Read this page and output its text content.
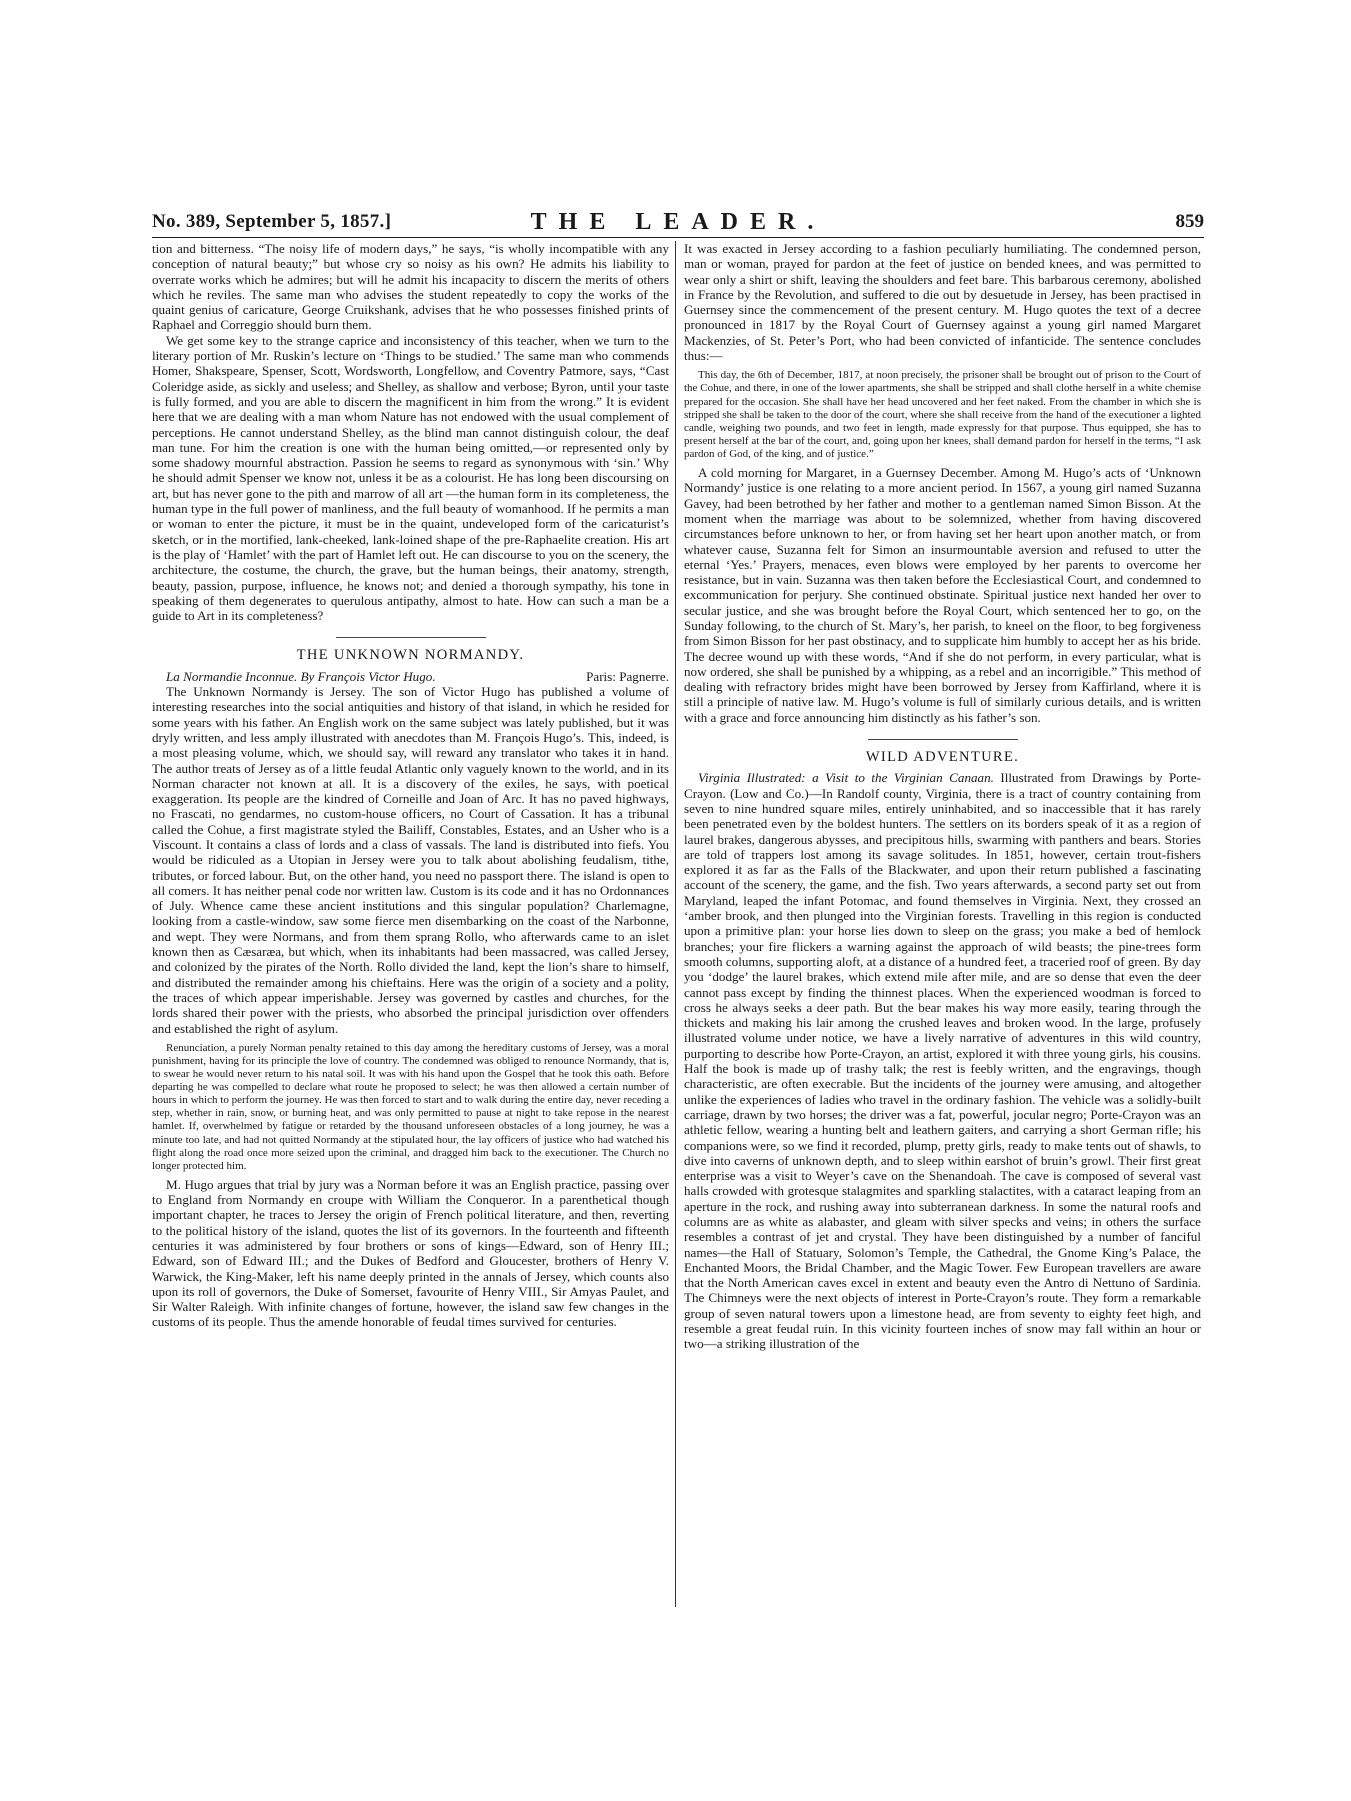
No. 389, September 5, 1857.]	THE LEADER.	859

tion and bitterness. “The noisy life of modern days,” he says, “is wholly incompatible with any conception of natural beauty;” but whose cry so noisy as his own? He admits his liability to overrate works which he admires; but will he admit his incapacity to discern the merits of others which he reviles. The same man who advises the student repeatedly to copy the works of the quaint genius of caricature, George Cruikshank, advises that he who possesses finished prints of Raphael and Correggio should burn them.

We get some key to the strange caprice and inconsistency of this teacher, when we turn to the literary portion of Mr. Ruskin’s lecture on ‘Things to be studied.’ The same man who commends Homer, Shakspeare, Spenser, Scott, Wordsworth, Longfellow, and Coventry Patmore, says, “Cast Coleridge aside, as sickly and useless; and Shelley, as shallow and verbose; Byron, until your taste is fully formed, and you are able to discern the magnificent in him from the wrong.” It is evident here that we are dealing with a man whom Nature has not endowed with the usual complement of perceptions. He cannot understand Shelley, as the blind man cannot distinguish colour, the deaf man tune. For him the creation is one with the human being omitted,—or represented only by some shadowy mournful abstraction. Passion he seems to regard as synonymous with ‘sin.’ Why he should admit Spenser we know not, unless it be as a colourist. He has long been discoursing on art, but has never gone to the pith and marrow of all art —the human form in its completeness, the human type in the full power of manliness, and the full beauty of womanhood. If he permits a man or woman to enter the picture, it must be in the quaint, undeveloped form of the caricaturist’s sketch, or in the mortified, lank-cheeked, lank-loined shape of the pre-Raphaelite creation. His art is the play of ‘Hamlet’ with the part of Hamlet left out. He can discourse to you on the scenery, the architecture, the costume, the church, the grave, but the human beings, their anatomy, strength, beauty, passion, purpose, influence, he knows not; and denied a thorough sympathy, his tone in speaking of them degenerates to querulous antipathy, almost to hate. How can such a man be a guide to Art in its completeness?

THE UNKNOWN NORMANDY.

La Normandie Inconnue. By François Victor Hugo.	Paris: Pagnerre.

The Unknown Normandy is Jersey. The son of Victor Hugo has published a volume of interesting researches into the social antiquities and history of that island, in which he resided for some years with his father. An English work on the same subject was lately published, but it was dryly written, and less amply illustrated with anecdotes than M. François Hugo’s. This, indeed, is a most pleasing volume, which, we should say, will reward any translator who takes it in hand. The author treats of Jersey as of a little feudal Atlantic only vaguely known to the world, and in its Norman character not known at all. It is a discovery of the exiles, he says, with poetical exaggeration. Its people are the kindred of Corneille and Joan of Arc. It has no paved highways, no Frascati, no gendarmes, no custom-house officers, no Court of Cassation. It has a tribunal called the Cohue, a first magistrate styled the Bailiff, Constables, Estates, and an Usher who is a Viscount. It contains a class of lords and a class of vassals. The land is distributed into fiefs. You would be ridiculed as a Utopian in Jersey were you to talk about abolishing feudalism, tithe, tributes, or forced labour. But, on the other hand, you need no passport there. The island is open to all comers. It has neither penal code nor written law. Custom is its code and it has no Ordonnances of July. Whence came these ancient institutions and this singular population? Charlemagne, looking from a castle-window, saw some fierce men disembarking on the coast of the Narbonne, and wept. They were Normans, and from them sprang Rollo, who afterwards came to an islet known then as Cæsaræa, but which, when its inhabitants had been massacred, was called Jersey, and colonized by the pirates of the North. Rollo divided the land, kept the lion’s share to himself, and distributed the remainder among his chieftains. Here was the origin of a society and a polity, the traces of which appear imperishable. Jersey was governed by castles and churches, for the lords shared their power with the priests, who absorbed the principal jurisdiction over offenders and established the right of asylum.

Renunciation, a purely Norman penalty retained to this day among the hereditary customs of Jersey, was a moral punishment, having for its principle the love of country. The condemned was obliged to renounce Normandy, that is, to swear he would never return to his natal soil. It was with his hand upon the Gospel that he took this oath. Before departing he was compelled to declare what route he proposed to select; he was then allowed a certain number of hours in which to perform the journey. He was then forced to start and to walk during the entire day, never receding a step, whether in rain, snow, or burning heat, and was only permitted to pause at night to take repose in the nearest hamlet. If, overwhelmed by fatigue or retarded by the thousand unforeseen obstacles of a long journey, he was a minute too late, and had not quitted Normandy at the stipulated hour, the lay officers of justice who had watched his flight along the road once more seized upon the criminal, and dragged him back to the executioner. The Church no longer protected him.

M. Hugo argues that trial by jury was a Norman before it was an English practice, passing over to England from Normandy en croupe with William the Conqueror. In a parenthetical though important chapter, he traces to Jersey the origin of French political literature, and then, reverting to the political history of the island, quotes the list of its governors. In the fourteenth and fifteenth centuries it was administered by four brothers or sons of kings—Edward, son of Henry III.; Edward, son of Edward III.; and the Dukes of Bedford and Gloucester, brothers of Henry V. Warwick, the King-Maker, left his name deeply printed in the annals of Jersey, which counts also upon its roll of governors, the Duke of Somerset, favourite of Henry VIII., Sir Amyas Paulet, and Sir Walter Raleigh. With infinite changes of fortune, however, the island saw few changes in the customs of its people. Thus the amende honorable of feudal times survived for centuries.

It was exacted in Jersey according to a fashion peculiarly humiliating. The condemned person, man or woman, prayed for pardon at the feet of justice on bended knees, and was permitted to wear only a shirt or shift, leaving the shoulders and feet bare. This barbarous ceremony, abolished in France by the Revolution, and suffered to die out by desuetude in Jersey, has been practised in Guernsey since the commencement of the present century. M. Hugo quotes the text of a decree pronounced in 1817 by the Royal Court of Guernsey against a young girl named Margaret Mackenzies, of St. Peter’s Port, who had been convicted of infanticide. The sentence concludes thus:—

This day, the 6th of December, 1817, at noon precisely, the prisoner shall be brought out of prison to the Court of the Cohue, and there, in one of the lower apartments, she shall be stripped and shall clothe herself in a white chemise prepared for the occasion. She shall have her head uncovered and her feet naked. From the chamber in which she is stripped she shall be taken to the door of the court, where she shall receive from the hand of the executioner a lighted candle, weighing two pounds, and two feet in length, made expressly for that purpose. Thus equipped, she has to present herself at the bar of the court, and, going upon her knees, shall demand pardon for herself in the terms, “I ask pardon of God, of the king, and of justice.”

A cold morning for Margaret, in a Guernsey December. Among M. Hugo’s acts of ‘Unknown Normandy’ justice is one relating to a more ancient period. In 1567, a young girl named Suzanna Gavey, had been betrothed by her father and mother to a gentleman named Simon Bisson. At the moment when the marriage was about to be solemnized, whether from having discovered circumstances before unknown to her, or from having set her heart upon another match, or from whatever cause, Suzanna felt for Simon an insurmountable aversion and refused to utter the eternal ‘Yes.’ Prayers, menaces, even blows were employed by her parents to overcome her resistance, but in vain. Suzanna was then taken before the Ecclesiastical Court, and condemned to excommunication for perjury. She continued obstinate. Spiritual justice next handed her over to secular justice, and she was brought before the Royal Court, which sentenced her to go, on the Sunday following, to the church of St. Mary’s, her parish, to kneel on the floor, to beg forgiveness from Simon Bisson for her past obstinacy, and to supplicate him humbly to accept her as his bride. The decree wound up with these words, “And if she do not perform, in every particular, what is now ordered, she shall be punished by a whipping, as a rebel and an incorrigible.” This method of dealing with refractory brides might have been borrowed by Jersey from Kaffirland, where it is still a principle of native law. M. Hugo’s volume is full of similarly curious details, and is written with a grace and force announcing him distinctly as his father’s son.

WILD ADVENTURE.

Virginia Illustrated: a Visit to the Virginian Canaan. Illustrated from Drawings by Porte-Crayon. (Low and Co.)—In Randolf county, Virginia, there is a tract of country containing from seven to nine hundred square miles, entirely uninhabited, and so inaccessible that it has rarely been penetrated even by the boldest hunters. The settlers on its borders speak of it as a region of laurel brakes, dangerous abysses, and precipitous hills, swarming with panthers and bears. Stories are told of trappers lost among its savage solitudes. In 1851, however, certain trout-fishers explored it as far as the Falls of the Blackwater, and upon their return published a fascinating account of the scenery, the game, and the fish. Two years afterwards, a second party set out from Maryland, leaped the infant Potomac, and found themselves in Virginia. Next, they crossed an ‘amber brook, and then plunged into the Virginian forests. Travelling in this region is conducted upon a primitive plan: your horse lies down to sleep on the grass; you make a bed of hemlock branches; your fire flickers a warning against the approach of wild beasts; the pine-trees form smooth columns, supporting aloft, at a distance of a hundred feet, a traceried roof of green. By day you ‘dodge’ the laurel brakes, which extend mile after mile, and are so dense that even the deer cannot pass except by finding the thinnest places. When the experienced woodman is forced to cross he always seeks a deer path. But the bear makes his way more easily, tearing through the thickets and making his lair among the crushed leaves and broken wood. In the large, profusely illustrated volume under notice, we have a lively narrative of adventures in this wild country, purporting to describe how Porte-Crayon, an artist, explored it with three young girls, his cousins. Half the book is made up of trashy talk; the rest is feebly written, and the engravings, though characteristic, are often execrable. But the incidents of the journey were amusing, and altogether unlike the experiences of ladies who travel in the ordinary fashion. The vehicle was a solidly-built carriage, drawn by two horses; the driver was a fat, powerful, jocular negro; Porte-Crayon was an athletic fellow, wearing a hunting belt and leathern gaiters, and carrying a short German rifle; his companions were, so we find it recorded, plump, pretty girls, ready to make tents out of shawls, to dive into caverns of unknown depth, and to sleep within earshot of bruin’s growl. Their first great enterprise was a visit to Weyer’s cave on the Shenandoah. The cave is composed of several vast halls crowded with grotesque stalagmites and sparkling stalactites, with a cataract leaping from an aperture in the rock, and rushing away into subterranean darkness. In some the natural roofs and columns are as white as alabaster, and gleam with silver specks and veins; in others the surface resembles a contrast of jet and crystal. They have been distinguished by a number of fanciful names—the Hall of Statuary, Solomon’s Temple, the Cathedral, the Gnome King’s Palace, the Enchanted Moors, the Bridal Chamber, and the Magic Tower. Few European travellers are aware that the North American caves excel in extent and beauty even the Antro di Nettuno of Sardinia. The Chimneys were the next objects of interest in Porte-Crayon’s route. They form a remarkable group of seven natural towers upon a limestone head, are from seventy to eighty feet high, and resemble a great feudal ruin. In this vicinity fourteen inches of snow may fall within an hour or two—a striking illustration of the
